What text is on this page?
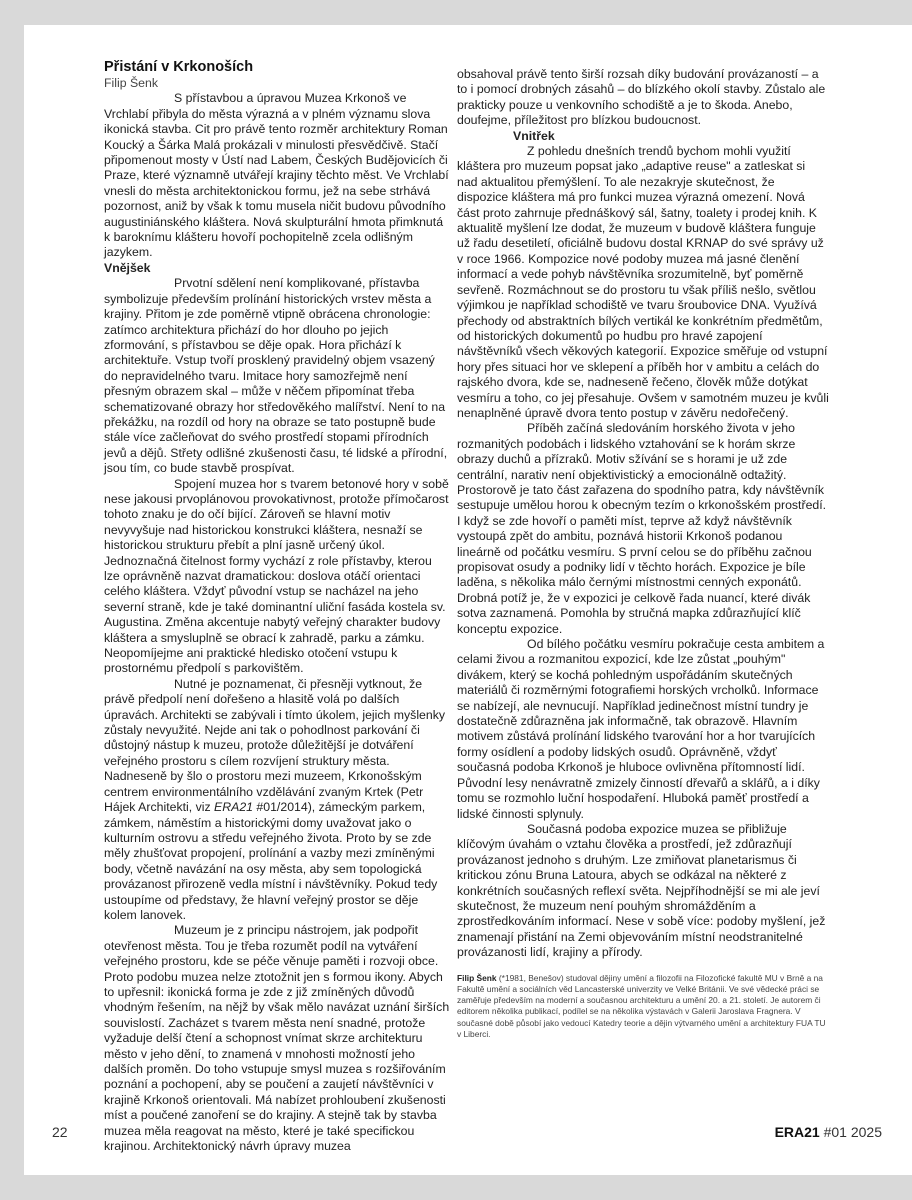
Přistání v Krkonoších

Filip Šenk

S přístavbou a úpravou Muzea Krkonoš ve Vrchlabí přibyla do města výrazná a v plném významu slova ikonická stavba. Cit pro právě tento rozměr architektury Roman Koucký a Šárka Malá prokázali v minulosti přesvědčivě. Stačí připomenout mosty v Ústí nad Labem, Českých Budějovicích či Praze, které významně utvářejí krajiny těchto měst. Ve Vrchlabí vnesli do města architektonickou formu, jež na sebe strhává pozornost, aniž by však k tomu musela ničit budovu původního augustiniánského kláštera. Nová skulpturální hmota přimknutá k baroknímu klášteru hovoří pochopitelně zcela odlišným jazykem.

Vnějšek

Prvotní sdělení není komplikované, přístavba symbolizuje především prolínání historických vrstev města a krajiny. Přitom je zde poměrně vtipně obrácena chronologie: zatímco architektura přichází do hor dlouho po jejich zformování, s přístavbou se děje opak. Hora přichází k architektuře. Vstup tvoří prosklený pravidelný objem vsazený do nepravidelného tvaru. Imitace hory samozřejmě není přesným obrazem skal – může v něčem připomínat třeba schematizované obrazy hor středověkého malířství. Není to na překážku, na rozdíl od hory na obraze se tato postupně bude stále více začleňovat do svého prostředí stopami přírodních jevů a dějů. Střety odlišné zkušenosti času, té lidské a přírodní, jsou tím, co bude stavbě prospívat.

Spojení muzea hor s tvarem betonové hory v sobě nese jakousi prvoplánovou provokativnost, protože přímočarost tohoto znaku je do očí bijící. Zároveň se hlavní motiv nevyvyšuje nad historickou konstrukci kláštera, nesnaží se historickou strukturu přebít a plní jasně určený úkol. Jednoznačná čitelnost formy vychází z role přístavby, kterou lze oprávněně nazvat dramatickou: doslova otáčí orientaci celého kláštera. Vždyť původní vstup se nacházel na jeho severní straně, kde je také dominantní uliční fasáda kostela sv. Augustina. Změna akcentuje nabytý veřejný charakter budovy kláštera a smysluplně se obrací k zahradě, parku a zámku. Neopomíjejme ani praktické hledisko otočení vstupu k prostornému předpolí s parkovištěm.

Nutné je poznamenat, či přesněji vytknout, že právě předpolí není dořešeno a hlasitě volá po dalších úpravách. Architekti se zabývali i tímto úkolem, jejich myšlenky zůstaly nevyužité. Nejde ani tak o pohodlnost parkování či důstojný nástup k muzeu, protože důležitější je dotváření veřejného prostoru s cílem rozvíjení struktury města. Nadneseně by šlo o prostoru mezi muzeem, Krkonošským centrem environmentálního vzdělávání zvaným Krtek (Petr Hájek Architekti, viz ERA21 #01/2014), zámeckým parkem, zámkem, náměstím a historickými domy uvažovat jako o kulturním ostrovu a středu veřejného života. Proto by se zde měly zhušťovat propojení, prolínání a vazby mezi zmíněnými body, včetně navázání na osy města, aby sem topologická provázanost přirozeně vedla místní i návštěvníky. Pokud tedy ustoupíme od představy, že hlavní veřejný prostor se děje kolem lanovek.

Muzeum je z principu nástrojem, jak podpořit otevřenost města. Tou je třeba rozumět podíl na vytváření veřejného prostoru, kde se péče věnuje paměti i rozvoji obce. Proto podobu muzea nelze ztotožnit jen s formou ikony. Abych to upřesnil: ikonická forma je zde z již zmíněných důvodů vhodným řešením, na nějž by však mělo navázat uznání širších souvislostí. Zacházet s tvarem města není snadné, protože vyžaduje delší čtení a schopnost vnímat skrze architekturu město v jeho dění, to znamená v mnohosti možností jeho dalších proměn. Do toho vstupuje smysl muzea s rozšiřováním poznání a pochopení, aby se poučení a zaujetí návštěvníci v krajině Krkonoš orientovali. Má nabízet prohloubení zkušenosti míst a poučené zanoření se do krajiny. A stejně tak by stavba muzea měla reagovat na město, které je také specifickou krajinou. Architektonický návrh úpravy muzea

obsahoval právě tento širší rozsah díky budování provázaností – a to i pomocí drobných zásahů – do blízkého okolí stavby. Zůstalo ale prakticky pouze u venkovního schodiště a je to škoda. Anebo, doufejme, příležitost pro blízkou budoucnost.

Vnitřek

Z pohledu dnešních trendů bychom mohli využití kláštera pro muzeum popsat jako „adaptive reuse" a zatleskat si nad aktualitou přemýšlení. To ale nezakryje skutečnost, že dispozice kláštera má pro funkci muzea výrazná omezení. Nová část proto zahrnuje přednáškový sál, šatny, toalety i prodej knih. K aktualitě myšlení lze dodat, že muzeum v budově kláštera funguje už řadu desetiletí, oficiálně budovu dostal KRNAP do své správy už v roce 1966. Kompozice nové podoby muzea má jasné členění informací a vede pohyb návštěvníka srozumitelně, byť poměrně sevřeně. Rozmáchnout se do prostoru tu však příliš nešlo, světlou výjimkou je například schodiště ve tvaru šroubovice DNA. Využívá přechody od abstraktních bílých vertikál ke konkrétním předmětům, od historických dokumentů po hudbu pro hravé zapojení návštěvníků všech věkových kategorií. Expozice směřuje od vstupní hory přes situaci hor ve sklepení a příběh hor v ambitu a celách do rajského dvora, kde se, nadneseně řečeno, člověk může dotýkat vesmíru a toho, co jej přesahuje. Ovšem v samotném muzeu je kvůli nenaplněné úpravě dvora tento postup v závěru nedořečený.

Příběh začíná sledováním horského života v jeho rozmanitých podobách i lidského vztahování se k horám skrze obrazy duchů a přízraků. Motiv sžívání se s horami je už zde centrální, narativ není objektivistický a emocionálně odtažitý. Prostorově je tato část zařazena do spodního patra, kdy návštěvník sestupuje umělou horou k obecným tezím o krkonošském prostředí. I když se zde hovoří o paměti míst, teprve až když návštěvník vystoupá zpět do ambitu, poznává historii Krkonoš podanou lineárně od počátku vesmíru. S první celou se do příběhu začnou propisovat osudy a podniky lidí v těchto horách. Expozice je bíle laděna, s několika málo černými místnostmi cenných exponátů. Drobná potíž je, že v expozici je celkově řada nuancí, které divák sotva zaznamená. Pomohla by stručná mapka zdůrazňující klíč konceptu expozice.

Od bílého počátku vesmíru pokračuje cesta ambitem a celami živou a rozmanitou expozicí, kde lze zůstat „pouhým" divákem, který se kochá pohledným uspořádáním skutečných materiálů či rozměrnými fotografiemi horských vrcholků. Informace se nabízejí, ale nevnucují. Například jedinečnost místní tundry je dostatečně zdůrazněna jak informačně, tak obrazově. Hlavním motivem zůstává prolínání lidského tvarování hor a hor tvarujících formy osídlení a podoby lidských osudů. Oprávněně, vždyť současná podoba Krkonoš je hluboce ovlivněna přítomností lidí. Původní lesy nenávratně zmizely činností dřevařů a sklářů, a i díky tomu se rozmohlo luční hospodaření. Hluboká paměť prostředí a lidské činnosti splynuly.

Současná podoba expozice muzea se přibližuje klíčovým úvahám o vztahu člověka a prostředí, jež zdůrazňují provázanost jednoho s druhým. Lze zmiňovat planetarismus či kritickou zónu Bruna Latoura, abych se odkázal na některé z konkrétních současných reflexí světa. Nejpříhodnější se mi ale jeví skutečnost, že muzeum není pouhým shromážděním a zprostředkováním informací. Nese v sobě více: podoby myšlení, jež znamenají přistání na Zemi objevováním místní neodstranitelné provázanosti lidí, krajiny a přírody.

Filip Šenk (*1981, Benešov) studoval dějiny umění a filozofii na Filozofické fakultě MU v Brně a na Fakultě umění a sociálních věd Lancasterské univerzity ve Velké Británii. Ve své vědecké práci se zaměřuje především na moderní a současnou architekturu a umění 20. a 21. století. Je autorem či editorem několika publikací, podílel se na několika výstavách v Galerii Jaroslava Fragnera. V současné době působí jako vedoucí Katedry teorie a dějin výtvarného umění a architektury FUA TU v Liberci.

22	ERA21 #01 2025
